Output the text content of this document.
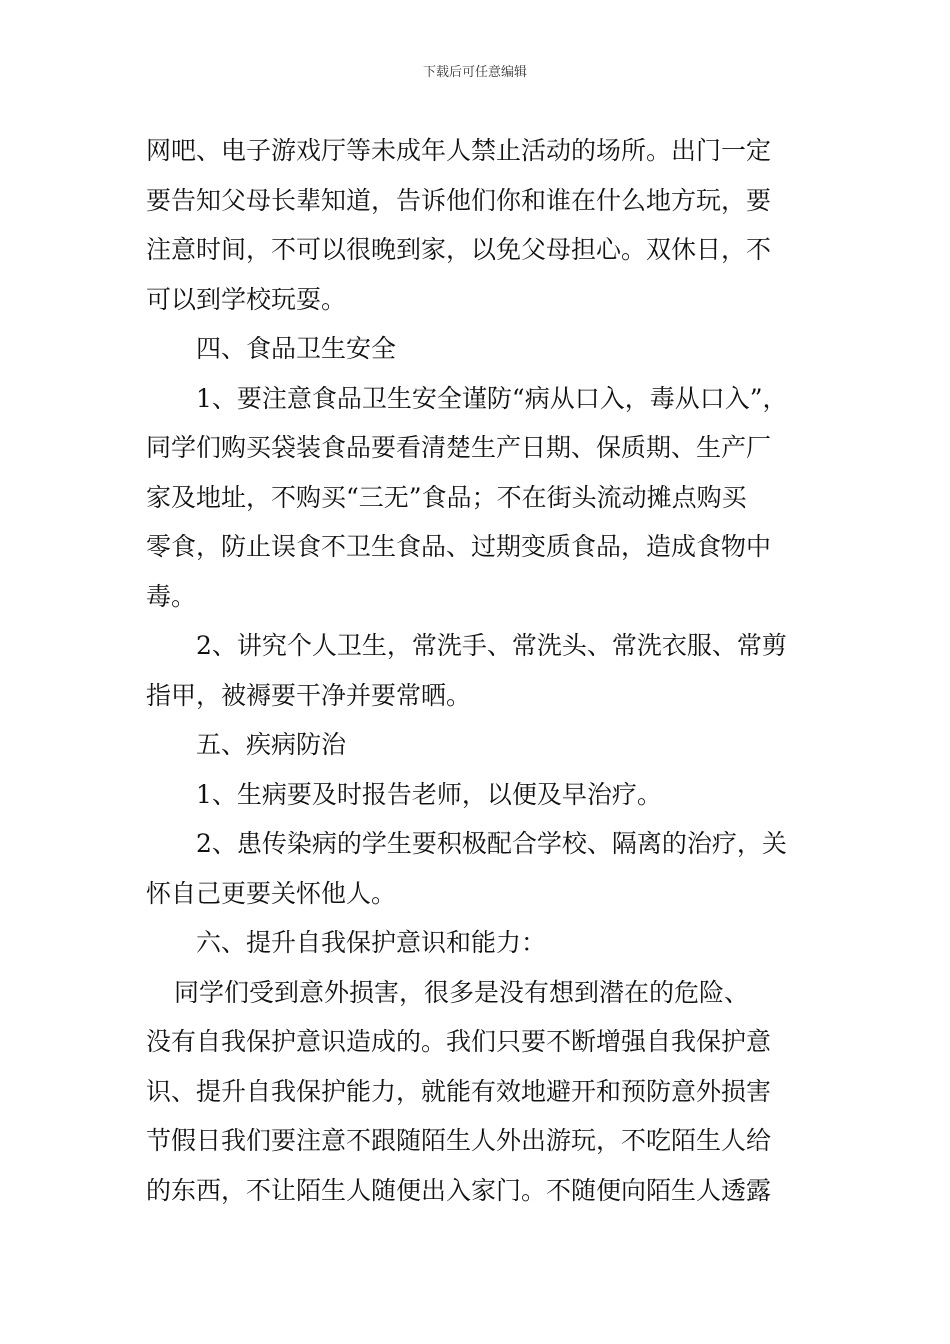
下载后可任意编辑
网吧、电子游戏厅等未成年人禁止活动的场所。出门一定
要告知父母长辈知道，告诉他们你和谁在什么地方玩，要
注意时间，不可以很晚到家，以免父母担心。双休日，不
可以到学校玩耍。
四、食品卫生安全
1、要注意食品卫生安全谨防“病从口入，毒从口入”，
同学们购买袋装食品要看清楚生产日期、保质期、生产厂
家及地址，不购买“三无”食品；不在街头流动摊点购买
零食，防止误食不卫生食品、过期变质食品，造成食物中
毒。
2、讲究个人卫生，常洗手、常洗头、常洗衣服、常剪
指甲，被褥要干净并要常晒。
五、疾病防治
1、生病要及时报告老师，以便及早治疗。
2、患传染病的学生要积极配合学校、隔离的治疗，关
怀自己更要关怀他人。
六、提升自我保护意识和能力：
同学们受到意外损害，很多是没有想到潜在的危险、
没有自我保护意识造成的。我们只要不断增强自我保护意
识、提升自我保护能力，就能有效地避开和预防意外损害
节假日我们要注意不跟随陌生人外出游玩，不吃陌生人给
的东西，不让陌生人随便出入家门。不随便向陌生人透露
